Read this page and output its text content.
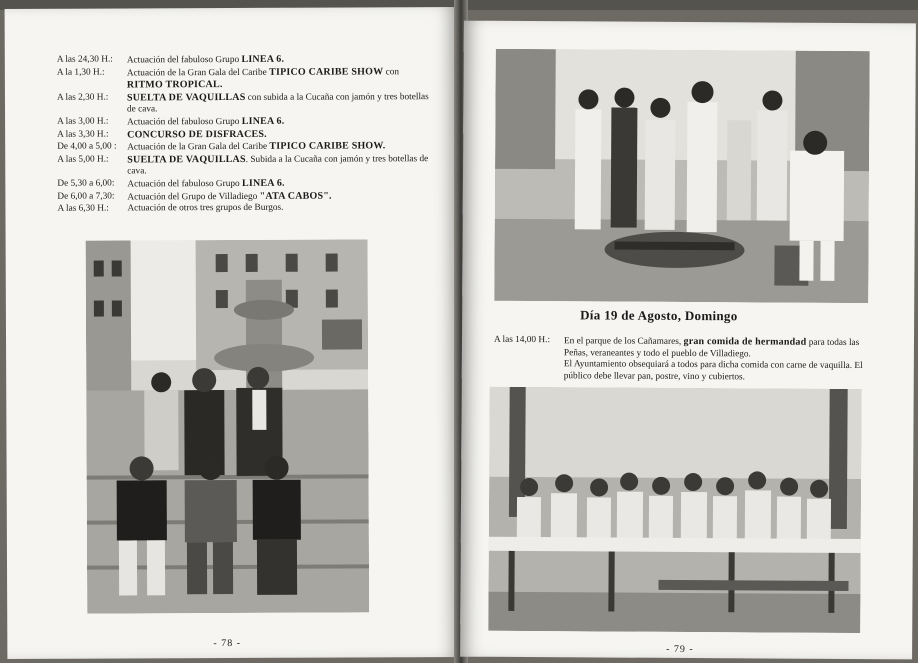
A las 24,30 H.:	Actuación del fabuloso Grupo LINEA 6.
A la 1,30 H.:	Actuación de la Gran Gala del Caribe TIPICO CARIBE SHOW con RITMO TROPICAL.
A las 2,30 H.:	SUELTA DE VAQUILLAS con subida a la Cucaña con jamón y tres botellas de cava.
A las 3,00 H.:	Actuación del fabuloso Grupo LINEA 6.
A las 3,30 H.:	CONCURSO DE DISFRACES.
De 4,00 a 5,00 :	Actuación de la Gran Gala del Caribe TIPICO CARIBE SHOW.
A las 5,00 H.:	SUELTA DE VAQUILLAS. Subida a la Cucaña con jamón y tres botellas de cava.
De 5,30 a 6,00:	Actuación del fabuloso Grupo LINEA 6.
De 6,00 a 7,30:	Actuación del Grupo de Villadiego "ATA CABOS".
A las 6,30 H.:	Actuación de otros tres grupos de Burgos.
- 78 -
Día 19 de Agosto, Domingo
A las 14,00 H.:	En el parque de los Cañamares, gran comida de hermandad para todas las Peñas, veraneantes y todo el pueblo de Villadiego.
El Ayuntamiento obsequiará a todos para dicha comida con carne de vaquilla. El público debe llevar pan, postre, vino y cubiertos.
- 79 -
